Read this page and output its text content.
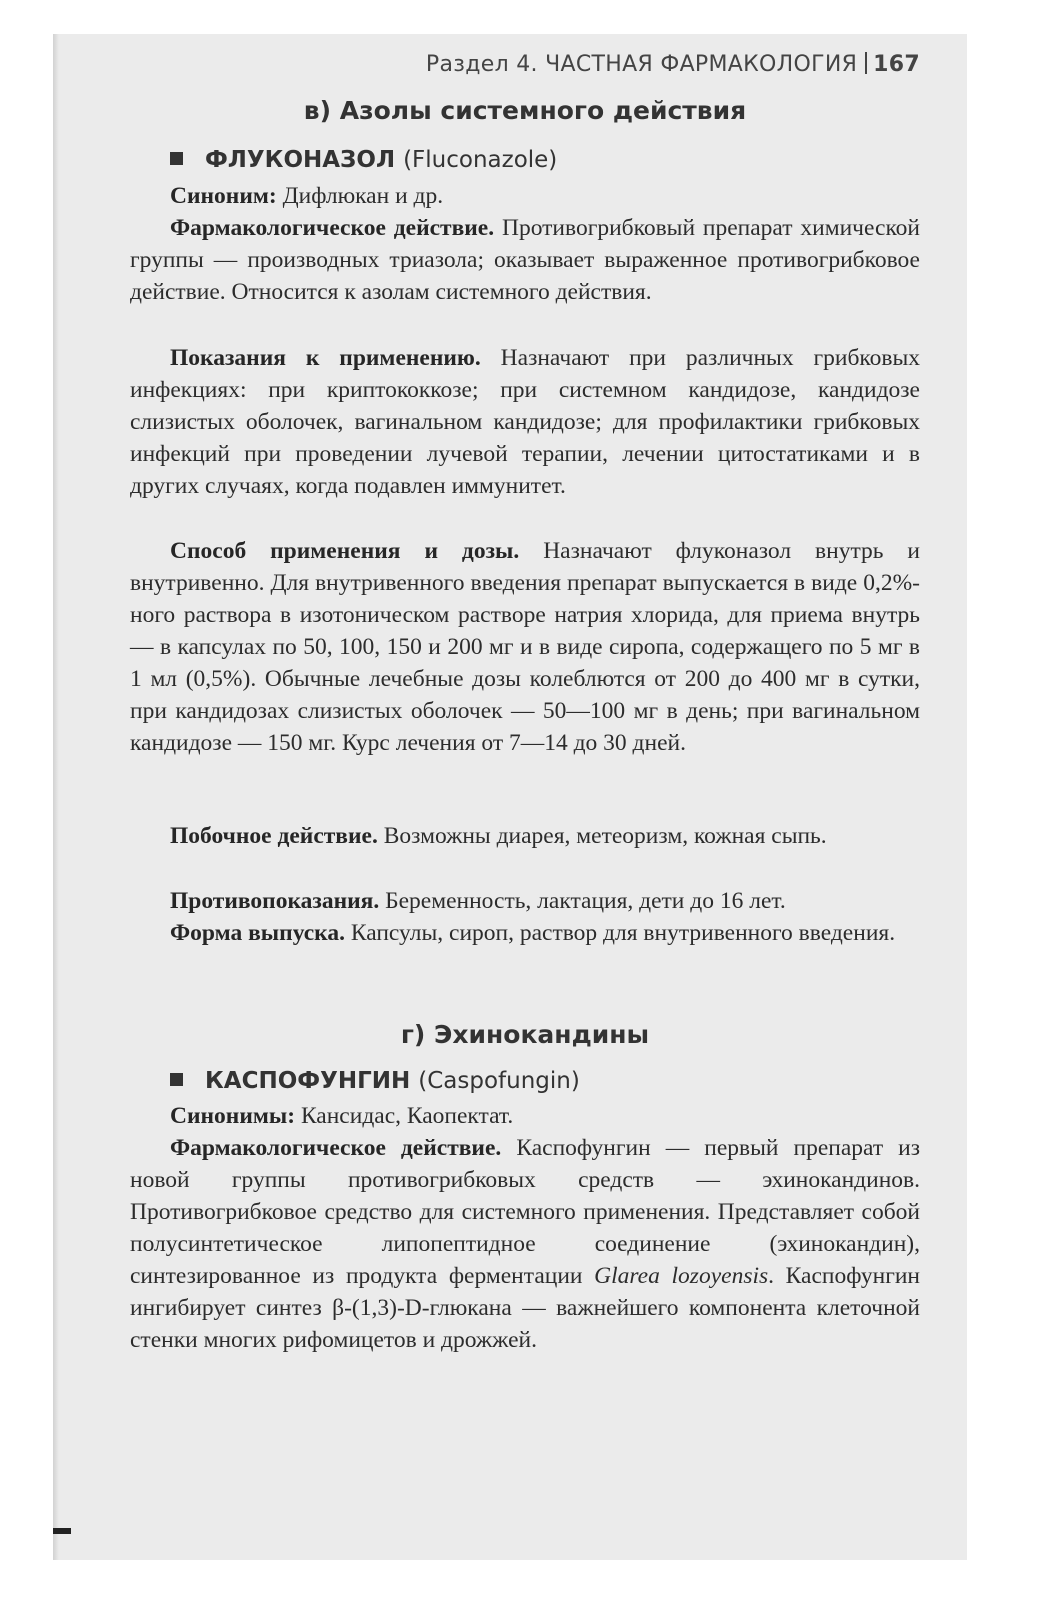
Раздел 4. ЧАСТНАЯ ФАРМАКОЛОГИЯ 167
в) Азолы системного действия
ФЛУКОНАЗОЛ (Fluconazole)
Синоним: Дифлюкан и др.
Фармакологическое действие. Противогрибковый препарат химической группы — производных триазола; оказывает выраженное противогрибковое действие. Относится к азолам системного действия.
Показания к применению. Назначают при различных грибковых инфекциях: при криптококкозе; при системном кандидозе, кандидозе слизистых оболочек, вагинальном кандидозе; для профилактики грибковых инфекций при проведении лучевой терапии, лечении цитостатиками и в других случаях, когда подавлен иммунитет.
Способ применения и дозы. Назначают флуконазол внутрь и внутривенно. Для внутривенного введения препарат выпускается в виде 0,2%-ного раствора в изотоническом растворе натрия хлорида, для приема внутрь — в капсулах по 50, 100, 150 и 200 мг и в виде сиропа, содержащего по 5 мг в 1 мл (0,5%). Обычные лечебные дозы колеблются от 200 до 400 мг в сутки, при кандидозах слизистых оболочек — 50—100 мг в день; при вагинальном кандидозе — 150 мг. Курс лечения от 7—14 до 30 дней.
Побочное действие. Возможны диарея, метеоризм, кожная сыпь.
Противопоказания. Беременность, лактация, дети до 16 лет.
Форма выпуска. Капсулы, сироп, раствор для внутривенного введения.
г) Эхинокандины
КАСПОФУНГИН (Caspofungin)
Синонимы: Кансидас, Каопектат.
Фармакологическое действие. Каспофунгин — первый препарат из новой группы противогрибковых средств — эхинокандинов. Противогрибковое средство для системного применения. Представляет собой полусинтетическое липопептидное соединение (эхинокандин), синтезированное из продукта ферментации Glarea lozoyensis. Каспофунгин ингибирует синтез β-(1,3)-D-глюкана — важнейшего компонента клеточной стенки многих рифомицетов и дрожжей.
